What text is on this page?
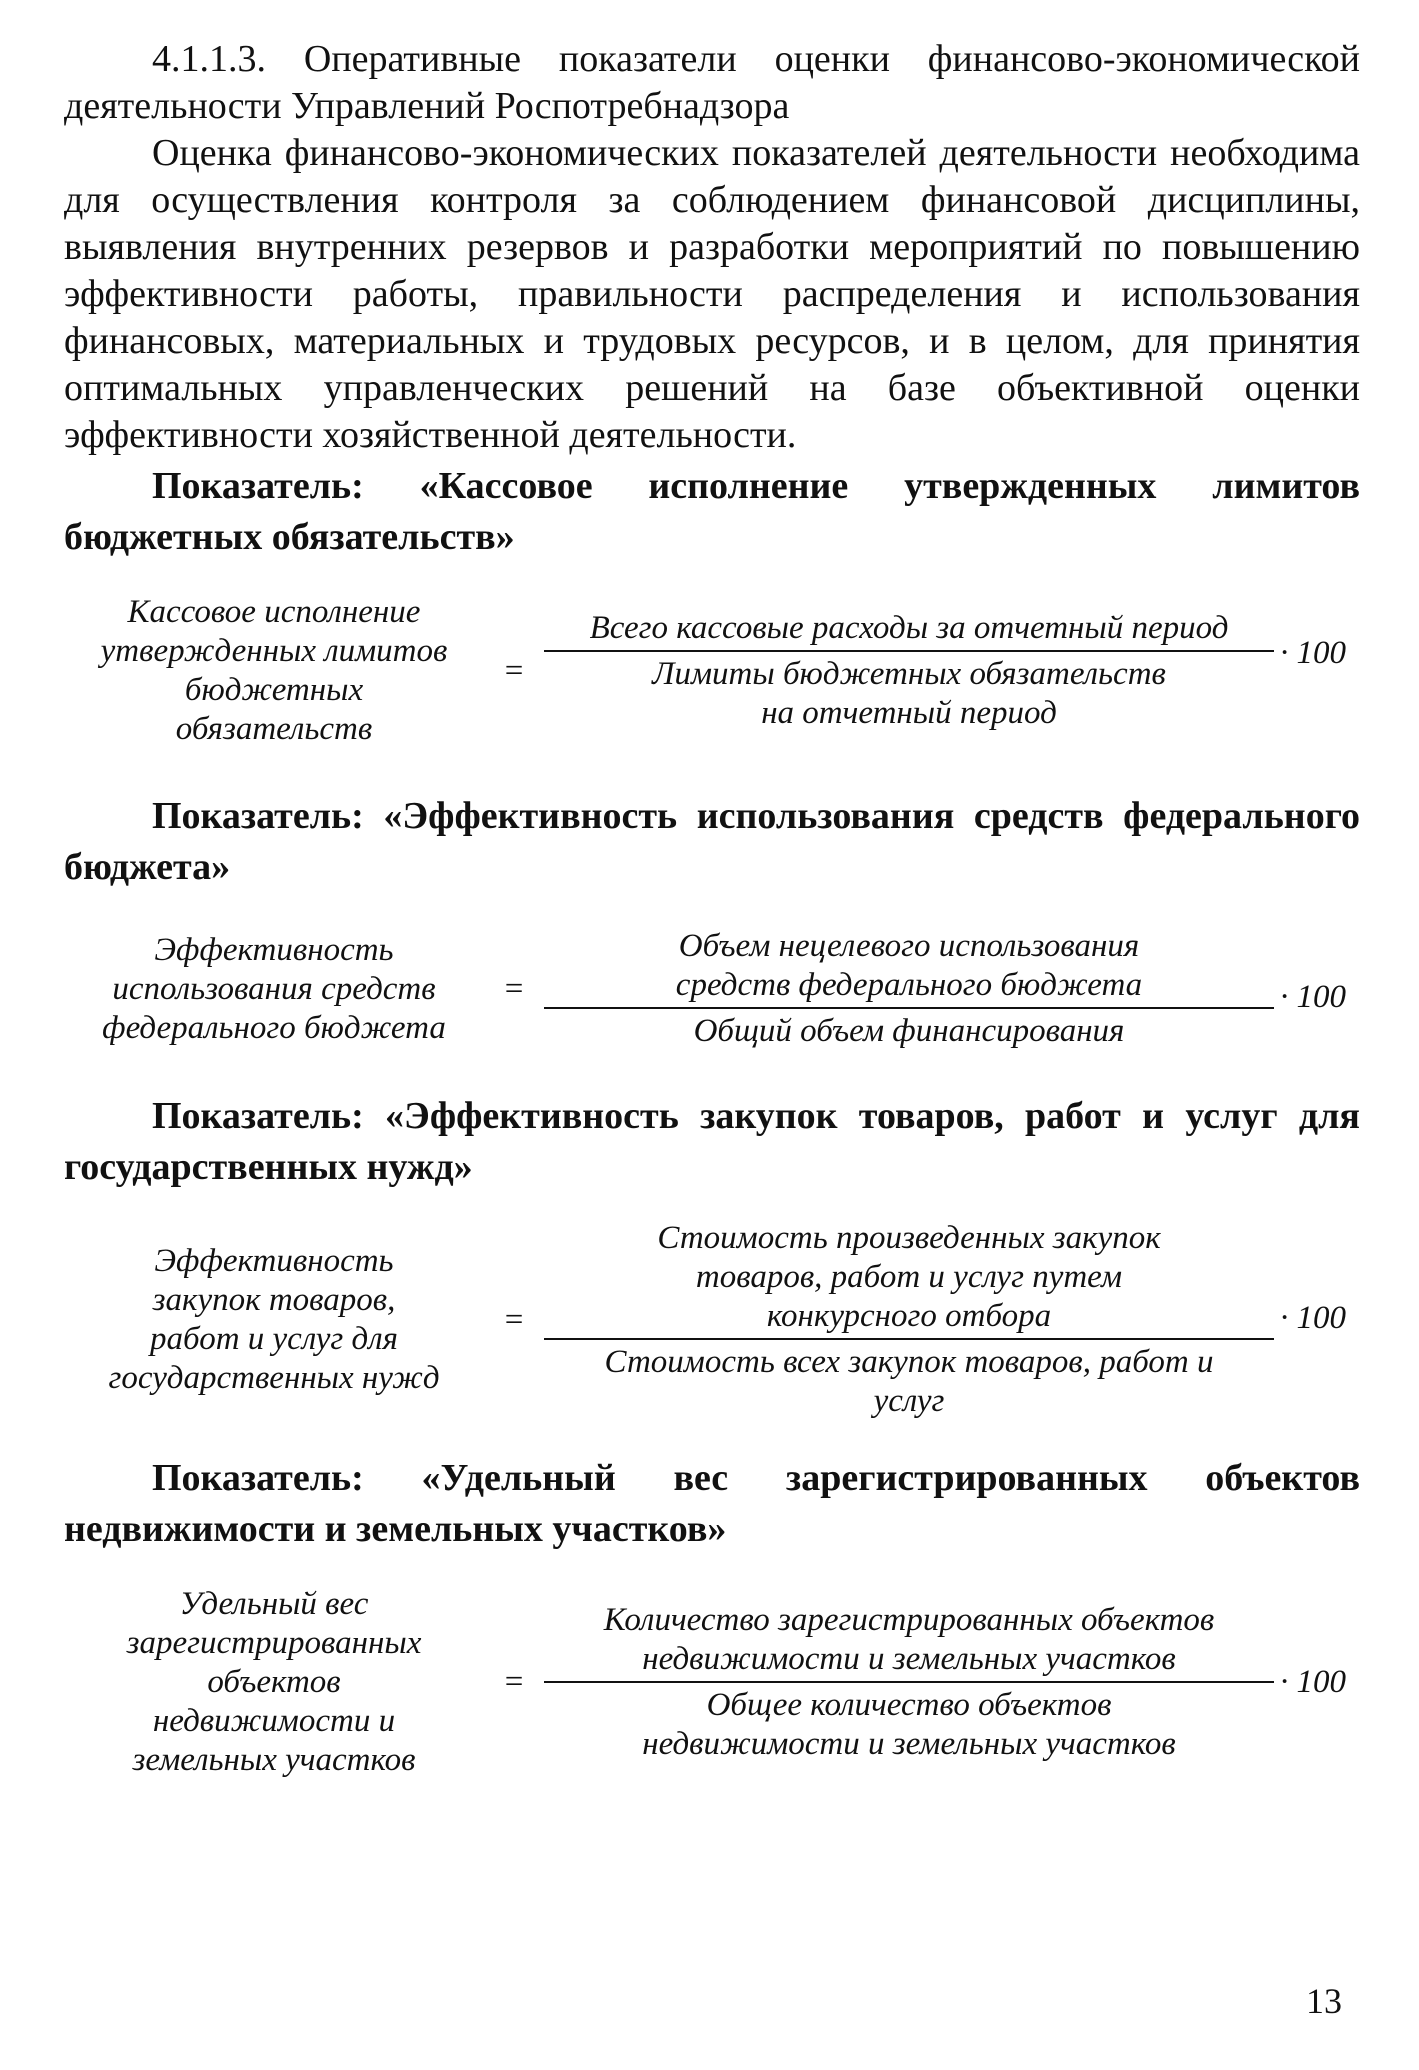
4.1.1.3. Оперативные показатели оценки финансово-экономической деятельности Управлений Роспотребнадзора

Оценка финансово-экономических показателей деятельности необходима для осуществления контроля за соблюдением финансовой дисциплины, выявления внутренних резервов и разработки мероприятий по повышению эффективности работы, правильности распределения и использования финансовых, материальных и трудовых ресурсов, и в целом, для принятия оптимальных управленческих решений на базе объективной оценки эффективности хозяйственной деятельности.

Показатель: «Кассовое исполнение утвержденных лимитов бюджетных обязательств»

Кассовое исполнение
утвержденных лимитов
бюджетных
обязательств
= Всего кассовые расходы за отчетный период
Лимиты бюджетных обязательств
на отчетный период · 100

Показатель: «Эффективность использования средств федерального бюджета»

Эффективность
использования средств
федерального бюджета
=
Объем нецелевого использования
средств федерального бюджета
Общий объем финансирования
· 100

Показатель: «Эффективность закупок товаров, работ и услуг для государственных нужд»

Эффективность
закупок товаров,
работ и услуг для
государственных нужд
=
Стоимость произведенных закупок
товаров, работ и услуг путем
конкурсного отбора
Стоимость всех закупок товаров, работ и
услуг
· 100

Показатель: «Удельный вес зарегистрированных объектов недвижимости и земельных участков»

Удельный вес
зарегистрированных
объектов
недвижимости и
земельных участков
=
Количество зарегистрированных объектов
недвижимости и земельных участков
Общее количество объектов
недвижимости и земельных участков
· 100
13
